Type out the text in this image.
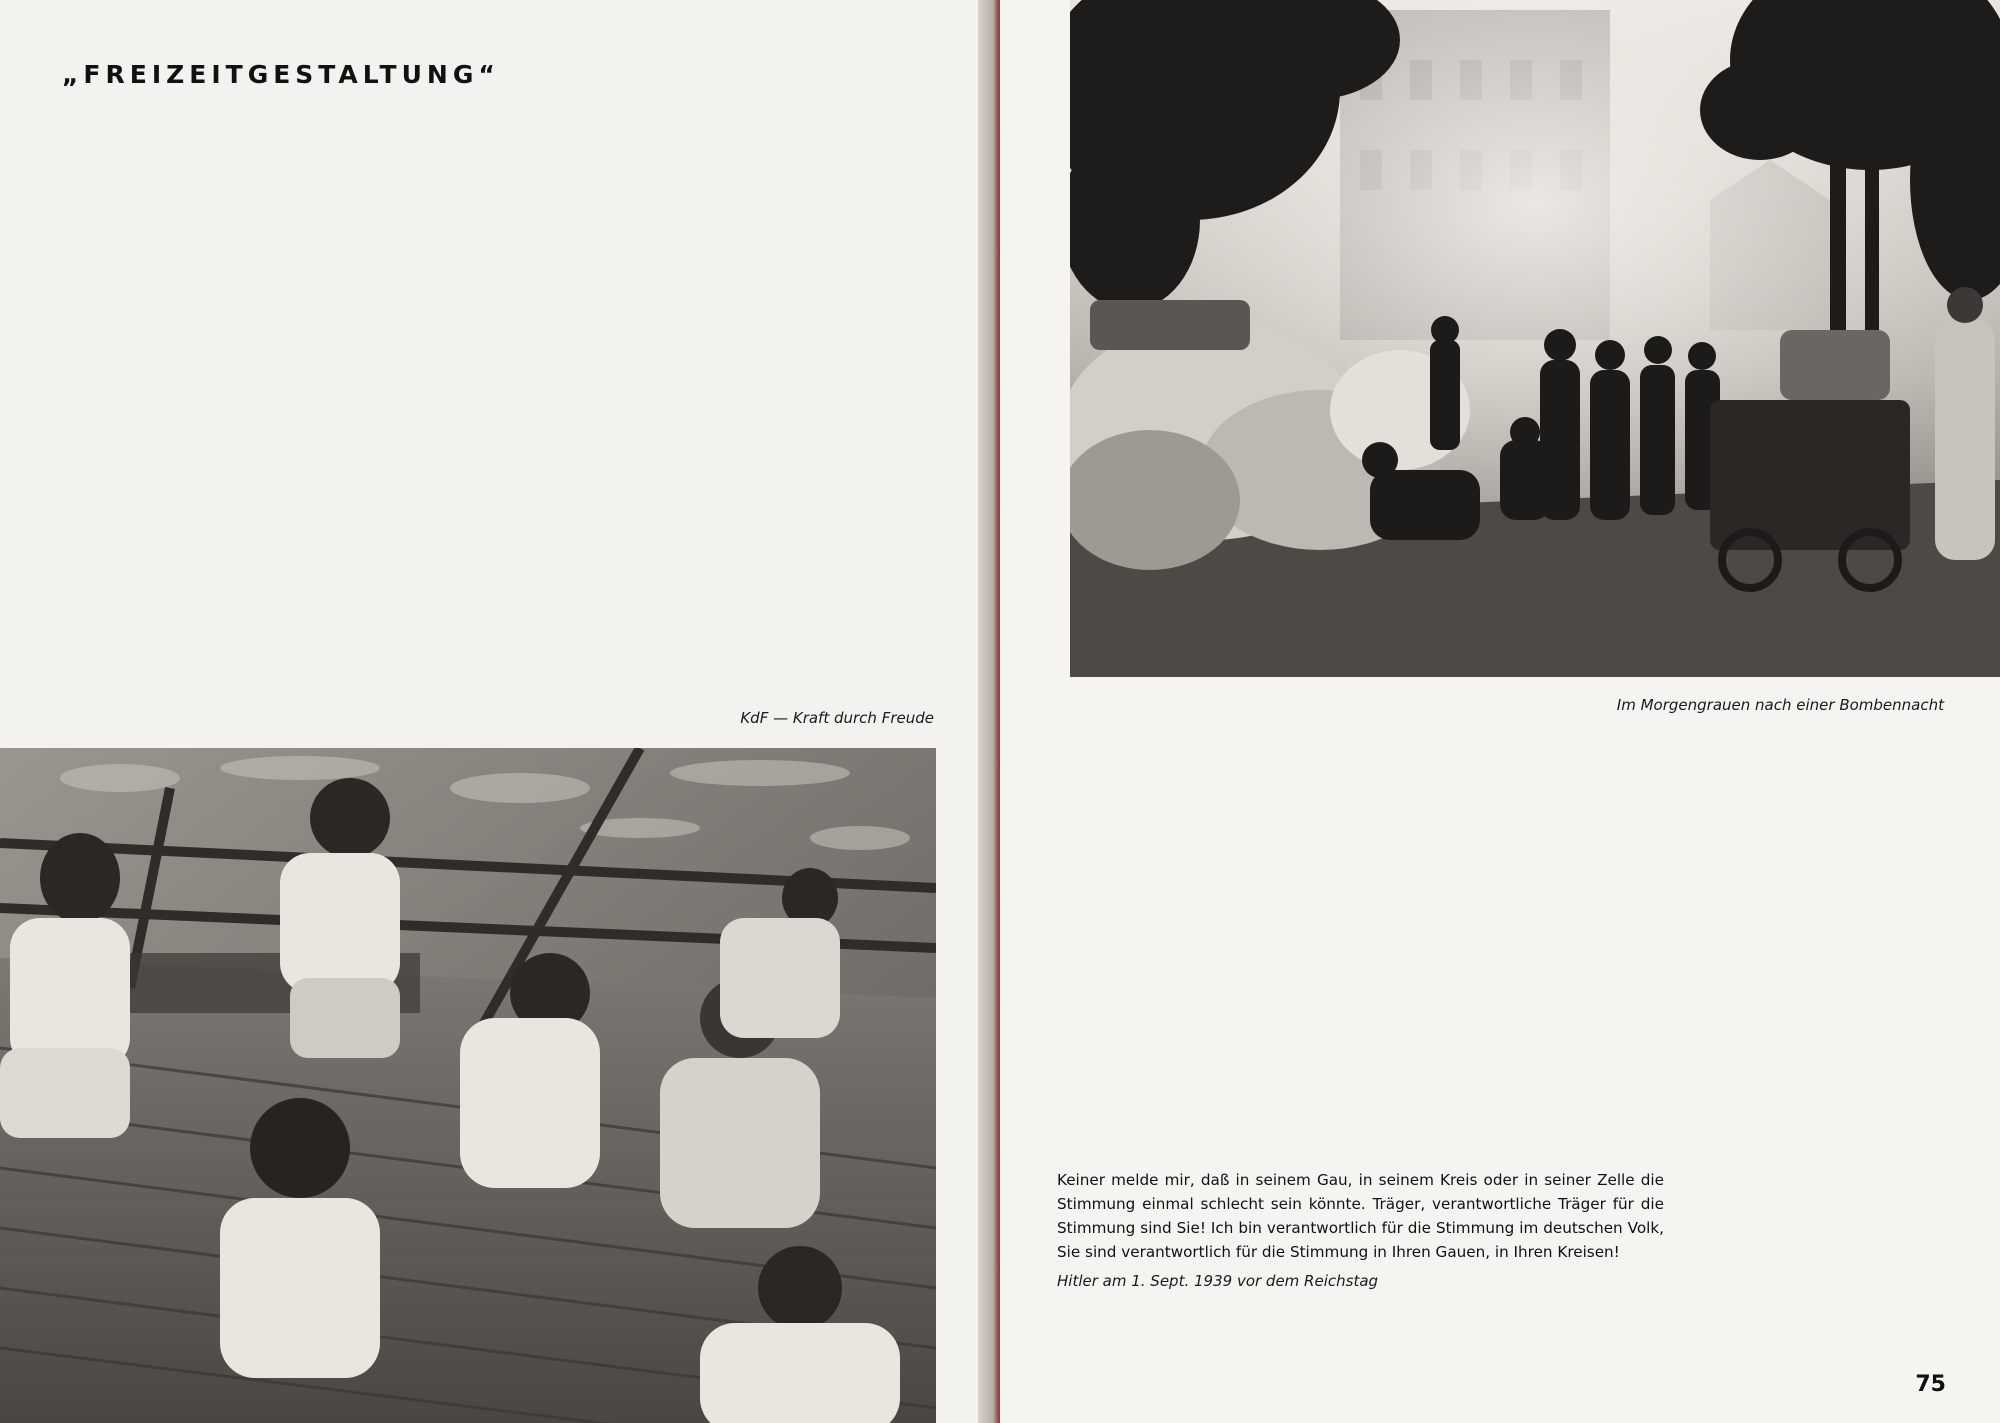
„FREIZEITGESTALTUNG“

KdF — Kraft durch Freude

Im Morgengrauen nach einer Bombennacht

Keiner melde mir, daß in seinem Gau, in seinem Kreis oder in seiner Zelle die Stimmung einmal schlecht sein könnte. Träger, verantwortliche Träger für die Stimmung sind Sie! Ich bin verantwortlich für die Stimmung im deutschen Volk, Sie sind verantwortlich für die Stimmung in Ihren Gauen, in Ihren Kreisen!

Hitler am 1. Sept. 1939 vor dem Reichstag

75
